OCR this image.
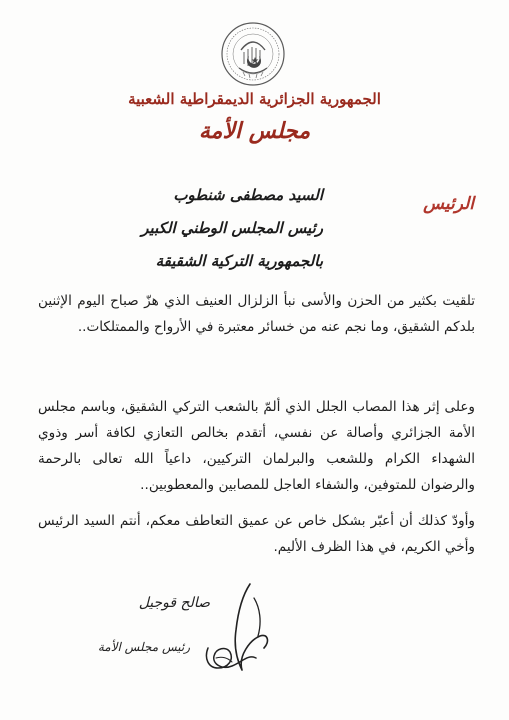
الجمهورية الجزائرية الديمقراطية الشعبية
مجلس الأمة
الرئيس
السيد مصطفى شنطوب
رئيس المجلس الوطني الكبير
بالجمهورية التركية الشقيقة

تلقيت بكثير من الحزن والأسى نبأ الزلزال العنيف الذي هزّ صباح اليوم الإثنين بلدكم الشقيق، وما نجم عنه من خسائر معتبرة في الأرواح والممتلكات..

وعلى إثر هذا المصاب الجلل الذي ألمّ بالشعب التركي الشقيق، وباسم مجلس الأمة الجزائري وأصالة عن نفسي، أتقدم بخالص التعازي لكافة أسر وذوي الشهداء الكرام وللشعب والبرلمان التركيين، داعياً الله تعالى بالرحمة والرضوان للمتوفين، والشفاء العاجل للمصابين والمعطوبين..

وأودّ كذلك أن أعبّر بشكل خاص عن عميق التعاطف معكم، أنتم السيد الرئيس وأخي الكريم، في هذا الظرف الأليم.

صالح قوجيل
رئيس مجلس الأمة
